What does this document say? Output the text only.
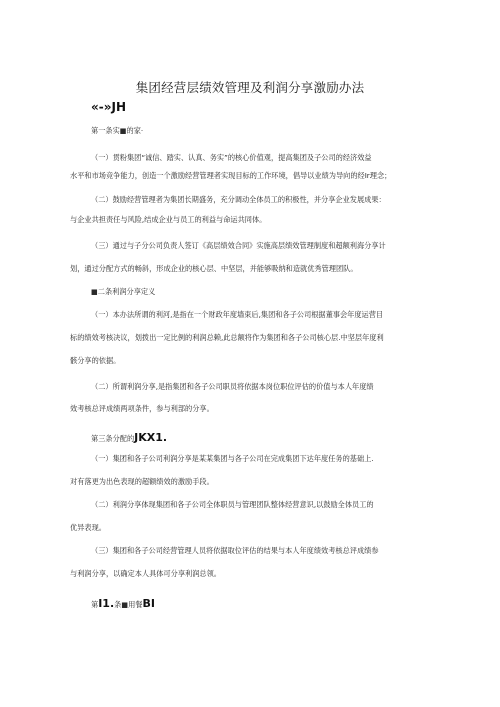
集团经营层绩效管理及利润分享激励办法
«-»JH
第一条实■的家·
（一）贯粉集团“诚信、踏实、认真、务实”的核心价值观，提高集团及子公司的经济效益
水平和市场竞争能力，创造一个激励经营管理者实现目标的工作环境，倡导以业绩为导向的经Ir理念；
（二）鼓励经营管理者为集团长期盛务，充分调动全体员工的积极性，并分享企业发展成果：
与企业共担责任与风险,结成企业与员工的利益与命运共同体。
（三）通过与子分公司负责人签订《高层绩效合同》实施高层绩效管理制度和超额利海分享计
划，通过分配方式的畅斜，形成企业的核心层、中坚层，并能够吸纳和造就优秀管理团队。
■二条利润分享定义
（一）本办法所谓的利河,是指在一个财政年度墙束后,集团和各子公司根据董事会年度运营目
标的绩效考核决议，划拨出一定比例的利润总赖,此总额将作为集团和各子公司核心层.中坚层年度利
骸分享的依据。
（二）所谓利润分享,是指集团和各子公司职员将依据本岗位职位评估的价值与本人年度绩
效考核总评成绩两项条件，参与利部的分享。
第三条分配的JKX1.
（一）集团和各子公司利润分享是某某集团与各子公司在完成集团下达年度任务的基础上.
对有落更为出色表现的超额绩效的激励手段。
（二）利润分享体现集团和各子公司全体职员与管理团队整体经营意识,以鼓励全体员工的
优异表现。
（三）集团和各子公司经营管理人员将依据取位评估的结果与本人年度绩效考核总评成绩参
与利润分享，以确定本人具体可分享利润总领。
第I1.条■用餐BI
